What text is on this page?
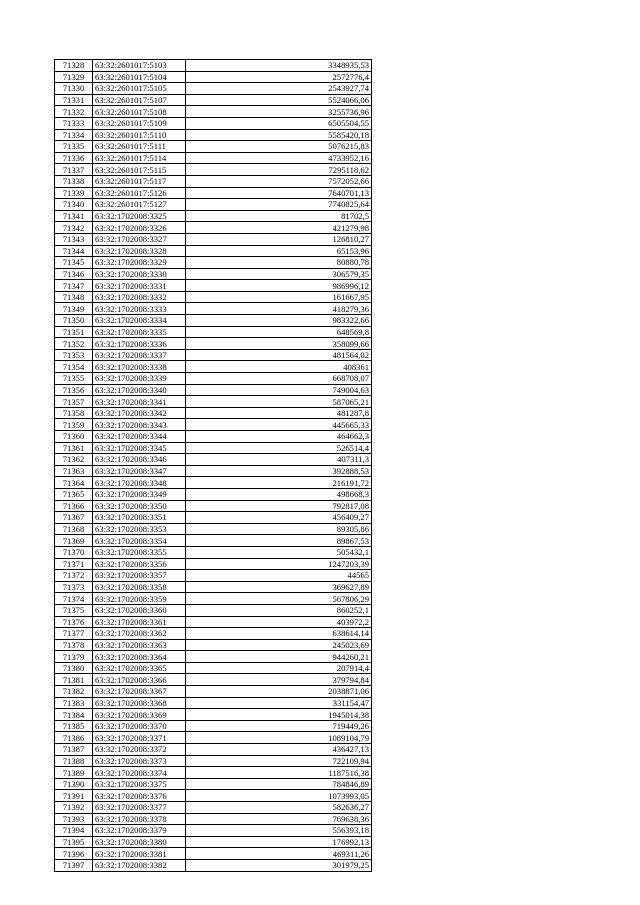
71328	63:32:2601017:5103	3348935,53
71329	63:32:2601017:5104	2572776,4
71330	63:32:2601017:5105	2543927,74
71331	63:32:2601017:5107	5524066,06
71332	63:32:2601017:5108	3255736,96
71333	63:32:2601017:5109	6505504,55
71334	63:32:2601017:5110	5585420,18
71335	63:32:2601017:5111	5076215,83
71336	63:32:2601017:5114	4733952,16
71337	63:32:2601017:5115	7295118,62
71338	63:32:2601017:5117	7572052,66
71339	63:32:2601017:5126	7640701,13
71340	63:32:2601017:5127	7740825,64
71341	63:32:1702008:3325	81702,5
71342	63:32:1702008:3326	421279,98
71343	63:32:1702008:3327	126810,27
71344	63:32:1702008:3328	65153,96
71345	63:32:1702008:3329	80880,78
71346	63:32:1702008:3330	306579,35
71347	63:32:1702008:3331	986996,12
71348	63:32:1702008:3332	161667,95
71349	63:32:1702008:3333	418279,36
71350	63:32:1702008:3334	983322,66
71351	63:32:1702008:3335	648569,8
71352	63:32:1702008:3336	358099,66
71353	63:32:1702008:3337	481564,02
71354	63:32:1702008:3338	408361
71355	63:32:1702008:3339	668708,07
71356	63:32:1702008:3340	749004,63
71357	63:32:1702008:3341	587065,21
71358	63:32:1702008:3342	481287,8
71359	63:32:1702008:3343	445665,33
71360	63:32:1702008:3344	464662,3
71361	63:32:1702008:3345	526514,4
71362	63:32:1702008:3346	407311,3
71363	63:32:1702008:3347	392888,53
71364	63:32:1702008:3348	216191,72
71365	63:32:1702008:3349	498668,3
71366	63:32:1702008:3350	792817,08
71367	63:32:1702008:3351	456409,27
71368	63:32:1702008:3353	89305,86
71369	63:32:1702008:3354	89867,53
71370	63:32:1702008:3355	505432,1
71371	63:32:1702008:3356	1247203,39
71372	63:32:1702008:3357	44565
71373	63:32:1702008:3358	369627,89
71374	63:32:1702008:3359	567806,29
71375	63:32:1702008:3360	860252,1
71376	63:32:1702008:3361	403972,2
71377	63:32:1702008:3362	638614,14
71378	63:32:1702008:3363	245023,69
71379	63:32:1702008:3364	944260,21
71380	63:32:1702008:3365	207914,4
71381	63:32:1702008:3366	379794,84
71382	63:32:1702008:3367	2038871,06
71383	63:32:1702008:3368	331154,47
71384	63:32:1702008:3369	1945014,38
71385	63:32:1702008:3370	719449,26
71386	63:32:1702008:3371	1089104,79
71387	63:32:1702008:3372	436427,13
71388	63:32:1702008:3373	722109,94
71389	63:32:1702008:3374	1187516,38
71390	63:32:1702008:3375	784846,89
71391	63:32:1702008:3376	1073993,05
71392	63:32:1702008:3377	582636,27
71393	63:32:1702008:3378	769638,36
71394	63:32:1702008:3379	556393,18
71395	63:32:1702008:3380	176992,13
71396	63:32:1702008:3381	469311,26
71397	63:32:1702008:3382	301979,25
